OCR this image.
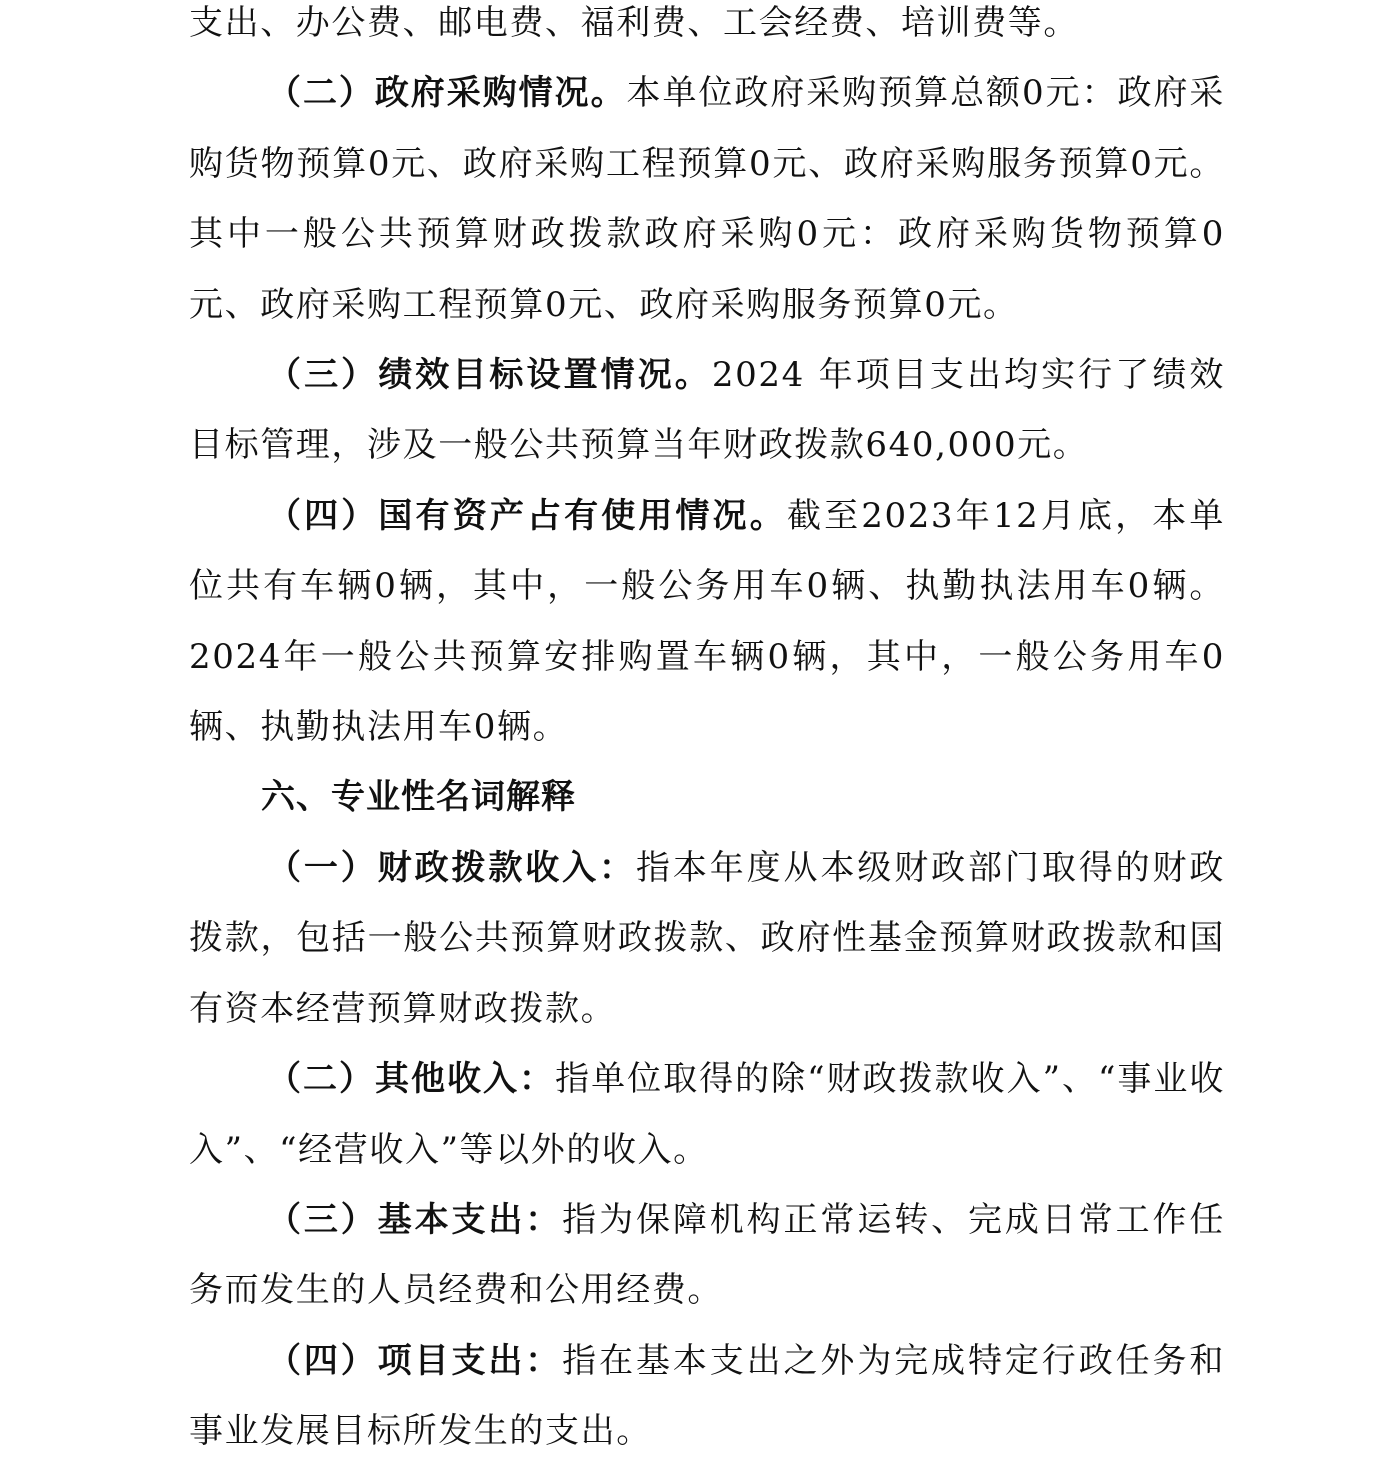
支出、办公费、邮电费、福利费、工会经费、培训费等。

（二）政府采购情况。本单位政府采购预算总额0元：政府采购货物预算0元、政府采购工程预算0元、政府采购服务预算0元。其中一般公共预算财政拨款政府采购0元：政府采购货物预算0元、政府采购工程预算0元、政府采购服务预算0元。

（三）绩效目标设置情况。2024 年项目支出均实行了绩效目标管理，涉及一般公共预算当年财政拨款640,000元。

（四）国有资产占有使用情况。截至2023年12月底，本单位共有车辆0辆，其中，一般公务用车0辆、执勤执法用车0辆。2024年一般公共预算安排购置车辆0辆，其中，一般公务用车0辆、执勤执法用车0辆。

六、专业性名词解释

（一）财政拨款收入：指本年度从本级财政部门取得的财政拨款，包括一般公共预算财政拨款、政府性基金预算财政拨款和国有资本经营预算财政拨款。

（二）其他收入：指单位取得的除“财政拨款收入”、“事业收入”、“经营收入”等以外的收入。

（三）基本支出：指为保障机构正常运转、完成日常工作任务而发生的人员经费和公用经费。

（四）项目支出：指在基本支出之外为完成特定行政任务和事业发展目标所发生的支出。
